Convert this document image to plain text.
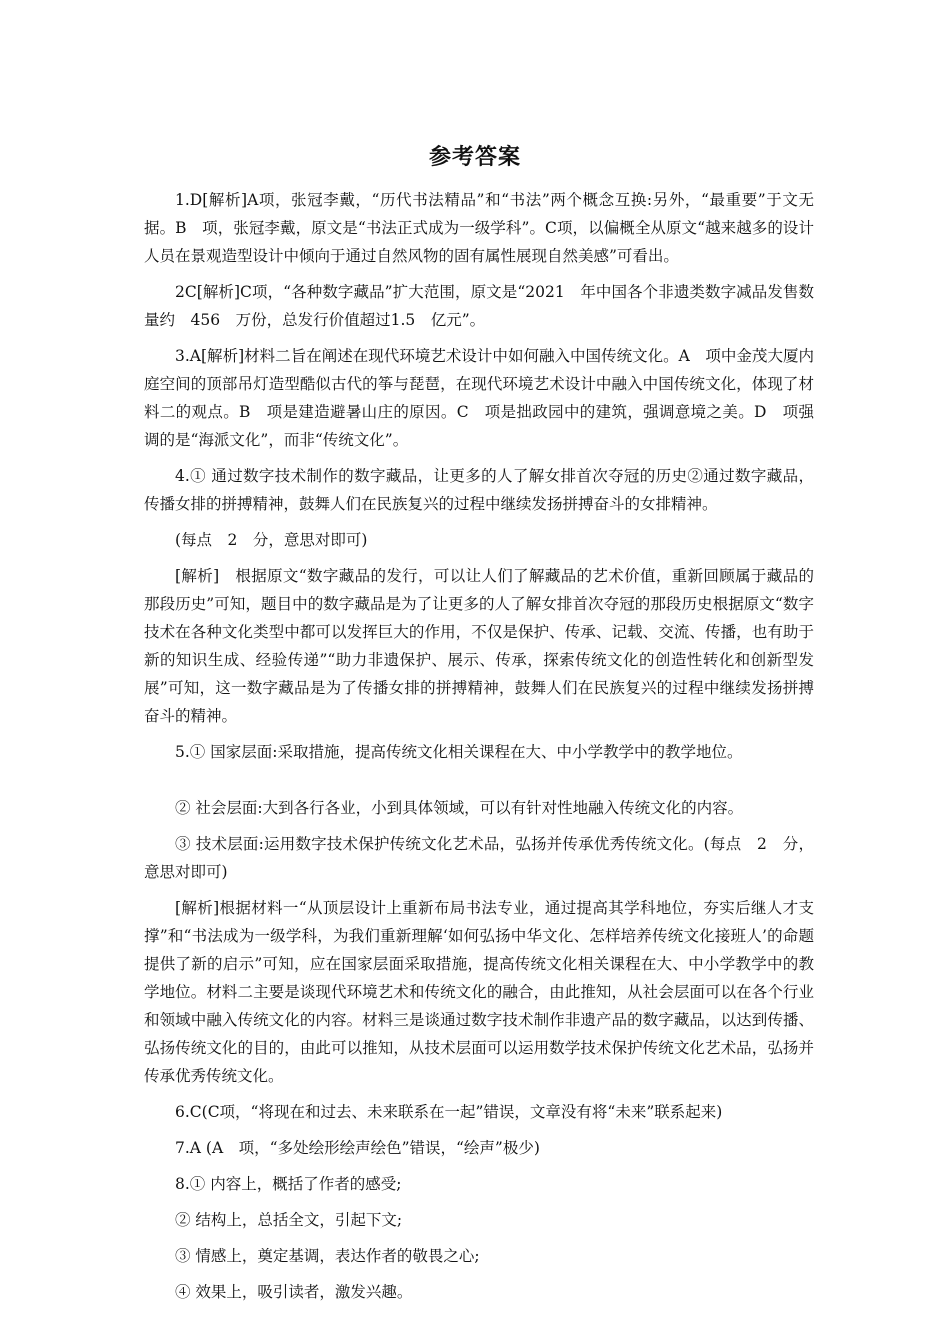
参考答案

1.D[解析]A项，张冠李戴，“历代书法精品”和“书法”两个概念互换:另外，“最重要”于文无据。B　项，张冠李戴，原文是“书法正式成为一级学科”。C项，以偏概全从原文“越来越多的设计人员在景观造型设计中倾向于通过自然风物的固有属性展现自然美感”可看出。

2C[解析]C项，“各种数字藏品”扩大范围，原文是“2021　年中国各个非遗类数字减品发售数量约　456　万份，总发行价值超过1.5　亿元”。

3.A[解析]材料二旨在阐述在现代环境艺术设计中如何融入中国传统文化。A　项中金茂大厦内庭空间的顶部吊灯造型酷似古代的筝与琵琶，在现代环境艺术设计中融入中国传统文化，体现了材料二的观点。B　项是建造避暑山庄的原因。C　项是拙政园中的建筑，强调意境之美。D　项强调的是“海派文化”，而非“传统文化”。

4.① 通过数字技术制作的数字藏品，让更多的人了解女排首次夺冠的历史②通过数字藏品，传播女排的拼搏精神，鼓舞人们在民族复兴的过程中继续发扬拼搏奋斗的女排精神。

(每点　2　分，意思对即可)

[解析]　根据原文“数字藏品的发行，可以让人们了解藏品的艺术价值，重新回顾属于藏品的那段历史”可知，题目中的数字藏品是为了让更多的人了解女排首次夺冠的那段历史根据原文“数字技术在各种文化类型中都可以发挥巨大的作用，不仅是保护、传承、记载、交流、传播，也有助于新的知识生成、经验传递”“助力非遗保护、展示、传承，探索传统文化的创造性转化和创新型发展”可知，这一数字藏品是为了传播女排的拼搏精神，鼓舞人们在民族复兴的过程中继续发扬拼搏奋斗的精神。

5.① 国家层面:采取措施，提高传统文化相关课程在大、中小学教学中的教学地位。

② 社会层面:大到各行各业，小到具体领域，可以有针对性地融入传统文化的内容。

③ 技术层面:运用数字技术保护传统文化艺术品，弘扬并传承优秀传统文化。(每点　2　分，意思对即可)

[解析]根据材料一“从顶层设计上重新布局书法专业，通过提高其学科地位，夯实后继人才支撑”和“书法成为一级学科，为我们重新理解‘如何弘扬中华文化、怎样培养传统文化接班人’的命题提供了新的启示”可知，应在国家层面采取措施，提高传统文化相关课程在大、中小学教学中的教学地位。材料二主要是谈现代环境艺术和传统文化的融合，由此推知，从社会层面可以在各个行业和领域中融入传统文化的内容。材料三是谈通过数字技术制作非遗产品的数字藏品，以达到传播、弘扬传统文化的目的，由此可以推知，从技术层面可以运用数学技术保护传统文化艺术品，弘扬并传承优秀传统文化。

6.C(C项，“将现在和过去、未来联系在一起”错误，文章没有将“未来”联系起来)

7.A (A　项，“多处绘形绘声绘色”错误，“绘声”极少)

8.① 内容上，概括了作者的感受;

② 结构上，总括全文，引起下文;

③ 情感上，奠定基调，表达作者的敬畏之心;

④ 效果上，吸引读者，激发兴趣。
